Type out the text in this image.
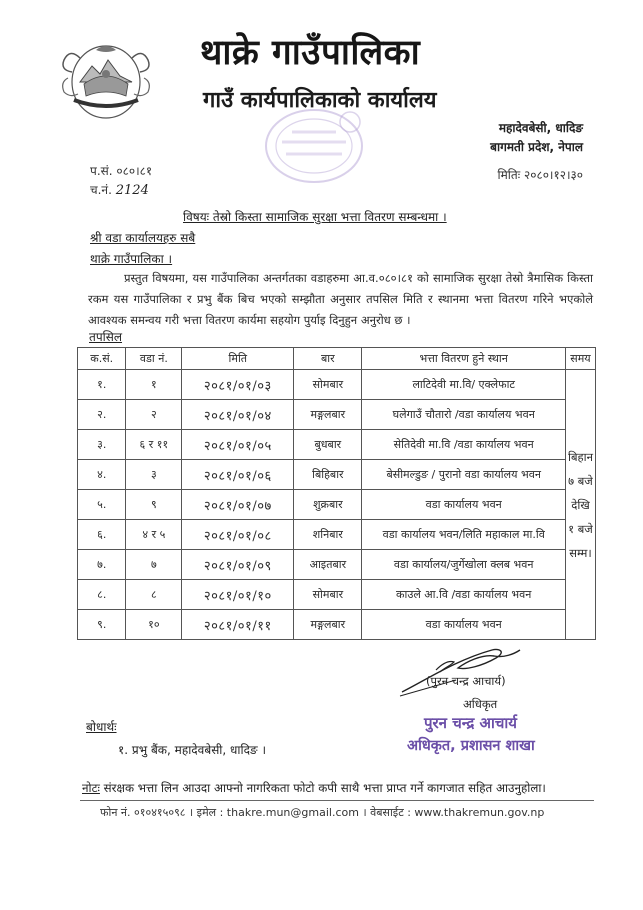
थाक्रे गाउँपालिका
गाउँ कार्यपालिकाको कार्यालय
महादेवबेसी, धादिङ
बागमती प्रदेश, नेपाल
प.सं. ०८०।८१
च.नं. 2124
मितिः २०८०।१२।३०
विषयः तेस्रो किस्ता सामाजिक सुरक्षा भत्ता वितरण सम्बन्धमा ।
श्री वडा कार्यालयहरु सबै
थाक्रे गाउँपालिका ।
प्रस्तुत विषयमा, यस गाउँपालिका अन्तर्गतका वडाहरुमा आ.व.०८०।८१ को सामाजिक सुरक्षा तेस्रो त्रैमासिक किस्ता रकम यस गाउँपालिका र प्रभु बैंक बिच भएको सम्झौता अनुसार तपसिल मिति र स्थानमा भत्ता वितरण गरिने भएकोले आवश्यक समन्वय गरी भत्ता वितरण कार्यमा सहयोग पुर्याइ दिनुहुन अनुरोध छ ।
तपसिल
क.सं.	वडा नं.	मिति	बार	भत्ता वितरण हुने स्थान	समय
१.	१	२०८१/०१/०३	सोमबार	लाटिदेवी मा.वि/ एक्लेफाट	बिहान
७ बजे
देखि
१ बजे
सम्म।

२.	२	२०८१/०१/०४	मङ्गलबार	घलेगाउँ चौतारो /वडा कार्यालय भवन	
३.	६ र ११	२०८१/०१/०५	बुधबार	सेतिदेवी मा.वि /वडा कार्यालय भवन	
४.	३	२०८१/०१/०६	बिहिबार	बेसीमल्डुङ / पुरानो वडा कार्यालय भवन	
५.	९	२०८१/०१/०७	शुक्रबार	वडा कार्यालय भवन	
६.	४ र ५	२०८१/०१/०८	शनिबार	वडा कार्यालय भवन/लिति महाकाल मा.वि	
७.	७	२०८१/०१/०९	आइतबार	वडा कार्यालय/जुर्गेखोला क्लब भवन	
८.	८	२०८१/०१/१०	सोमबार	काउले आ.वि /वडा कार्यालय भवन	
९.	१०	२०८१/०१/११	मङ्गलबार	वडा कार्यालय भवन	
(पुरन चन्द्र आचार्य)
अधिकृत
पुरन चन्द्र आचार्य
अधिकृत, प्रशासन शाखा
बोधार्थः
१. प्रभु बैंक, महादेवबेसी, धादिङ ।
नोटः संरक्षक भत्ता लिन आउदा आफ्नो नागरिकता फोटो कपी साथै भत्ता प्राप्त गर्ने कागजात सहित आउनुहोला।
फोन नं. ०१०४१५०९८ । इमेल : thakre.mun@gmail.com । वेबसाईट : www.thakremun.gov.np
